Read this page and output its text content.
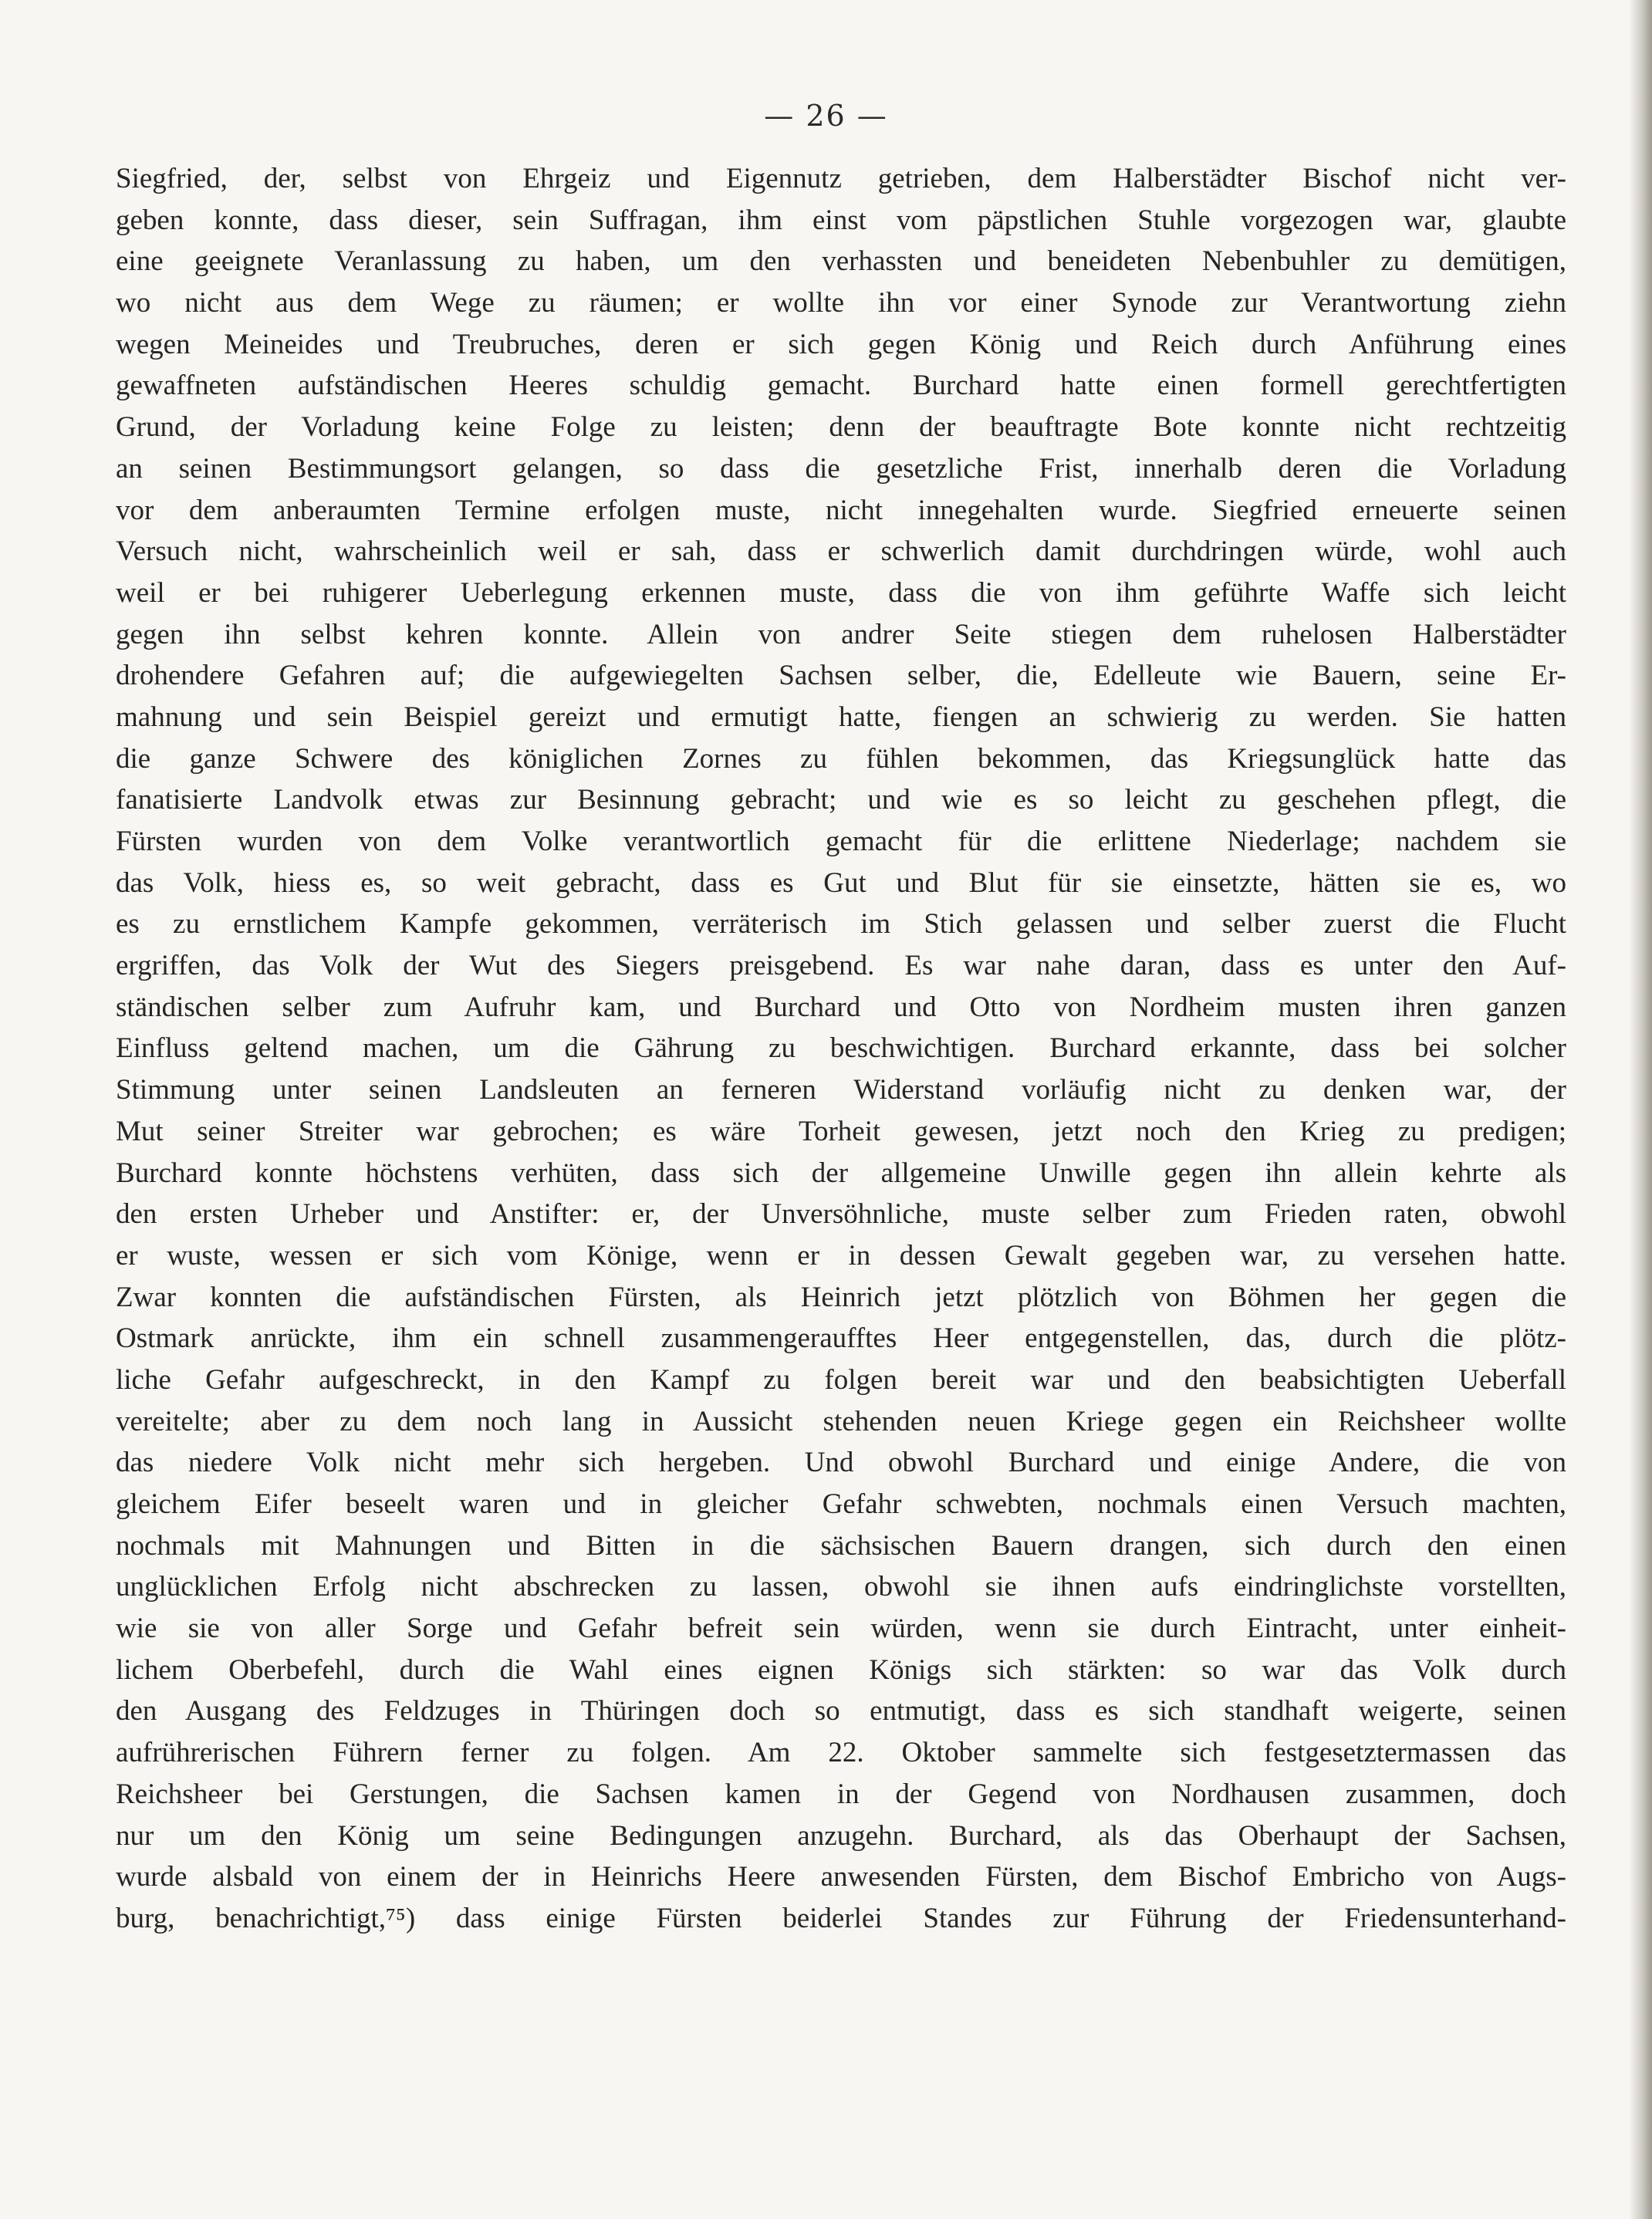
— 26 —
Siegfried, der, selbst von Ehrgeiz und Eigennutz getrieben, dem Halberstädter Bischof nicht ver-
geben konnte, dass dieser, sein Suffragan, ihm einst vom päpstlichen Stuhle vorgezogen war, glaubte
eine geeignete Veranlassung zu haben, um den verhassten und beneideten Nebenbuhler zu demütigen,
wo nicht aus dem Wege zu räumen; er wollte ihn vor einer Synode zur Verantwortung ziehn
wegen Meineides und Treubruches, deren er sich gegen König und Reich durch Anführung eines
gewaffneten aufständischen Heeres schuldig gemacht. Burchard hatte einen formell gerechtfertigten
Grund, der Vorladung keine Folge zu leisten; denn der beauftragte Bote konnte nicht rechtzeitig
an seinen Bestimmungsort gelangen, so dass die gesetzliche Frist, innerhalb deren die Vorladung
vor dem anberaumten Termine erfolgen muste, nicht innegehalten wurde. Siegfried erneuerte seinen
Versuch nicht, wahrscheinlich weil er sah, dass er schwerlich damit durchdringen würde, wohl auch
weil er bei ruhigerer Ueberlegung erkennen muste, dass die von ihm geführte Waffe sich leicht
gegen ihn selbst kehren konnte. Allein von andrer Seite stiegen dem ruhelosen Halberstädter
drohendere Gefahren auf; die aufgewiegelten Sachsen selber, die, Edelleute wie Bauern, seine Er-
mahnung und sein Beispiel gereizt und ermutigt hatte, fiengen an schwierig zu werden. Sie hatten
die ganze Schwere des königlichen Zornes zu fühlen bekommen, das Kriegsunglück hatte das
fanatisierte Landvolk etwas zur Besinnung gebracht; und wie es so leicht zu geschehen pflegt, die
Fürsten wurden von dem Volke verantwortlich gemacht für die erlittene Niederlage; nachdem sie
das Volk, hiess es, so weit gebracht, dass es Gut und Blut für sie einsetzte, hätten sie es, wo
es zu ernstlichem Kampfe gekommen, verräterisch im Stich gelassen und selber zuerst die Flucht
ergriffen, das Volk der Wut des Siegers preisgebend. Es war nahe daran, dass es unter den Auf-
ständischen selber zum Aufruhr kam, und Burchard und Otto von Nordheim musten ihren ganzen
Einfluss geltend machen, um die Gährung zu beschwichtigen. Burchard erkannte, dass bei solcher
Stimmung unter seinen Landsleuten an ferneren Widerstand vorläufig nicht zu denken war, der
Mut seiner Streiter war gebrochen; es wäre Torheit gewesen, jetzt noch den Krieg zu predigen;
Burchard konnte höchstens verhüten, dass sich der allgemeine Unwille gegen ihn allein kehrte als
den ersten Urheber und Anstifter: er, der Unversöhnliche, muste selber zum Frieden raten, obwohl
er wuste, wessen er sich vom Könige, wenn er in dessen Gewalt gegeben war, zu versehen hatte.
Zwar konnten die aufständischen Fürsten, als Heinrich jetzt plötzlich von Böhmen her gegen die
Ostmark anrückte, ihm ein schnell zusammengeraufftes Heer entgegenstellen, das, durch die plötz-
liche Gefahr aufgeschreckt, in den Kampf zu folgen bereit war und den beabsichtigten Ueberfall
vereitelte; aber zu dem noch lang in Aussicht stehenden neuen Kriege gegen ein Reichsheer wollte
das niedere Volk nicht mehr sich hergeben. Und obwohl Burchard und einige Andere, die von
gleichem Eifer beseelt waren und in gleicher Gefahr schwebten, nochmals einen Versuch machten,
nochmals mit Mahnungen und Bitten in die sächsischen Bauern drangen, sich durch den einen
unglücklichen Erfolg nicht abschrecken zu lassen, obwohl sie ihnen aufs eindringlichste vorstellten,
wie sie von aller Sorge und Gefahr befreit sein würden, wenn sie durch Eintracht, unter einheit-
lichem Oberbefehl, durch die Wahl eines eignen Königs sich stärkten: so war das Volk durch
den Ausgang des Feldzuges in Thüringen doch so entmutigt, dass es sich standhaft weigerte, seinen
aufrührerischen Führern ferner zu folgen. Am 22. Oktober sammelte sich festgesetztermassen das
Reichsheer bei Gerstungen, die Sachsen kamen in der Gegend von Nordhausen zusammen, doch
nur um den König um seine Bedingungen anzugehn. Burchard, als das Oberhaupt der Sachsen,
wurde alsbald von einem der in Heinrichs Heere anwesenden Fürsten, dem Bischof Embricho von Augs-
burg, benachrichtigt,⁷⁵) dass einige Fürsten beiderlei Standes zur Führung der Friedensunterhand-
